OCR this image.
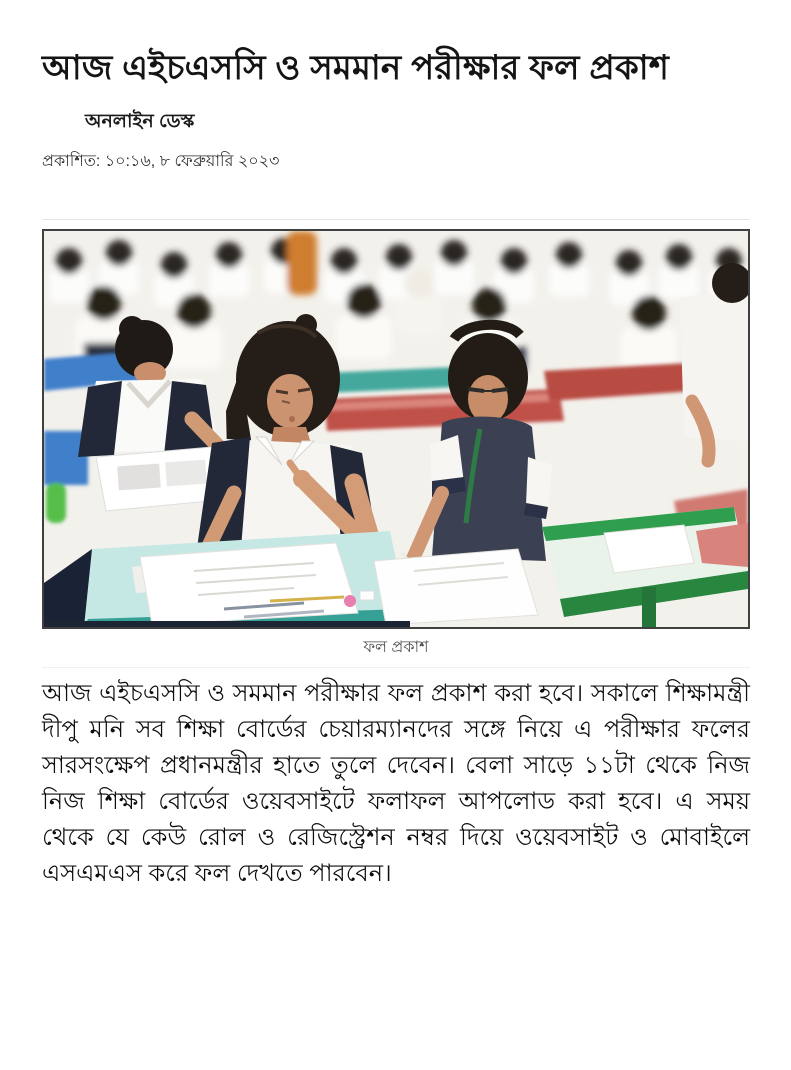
আজ এইচএসসি ও সমমান পরীক্ষার ফল প্রকাশ
অনলাইন ডেস্ক
প্রকাশিত: ১০:১৬, ৮ ফেব্রুয়ারি ২০২৩
ফল প্রকাশ

আজ এইচএসসি ও সমমান পরীক্ষার ফল প্রকাশ করা হবে। সকালে শিক্ষামন্ত্রী দীপু মনি সব শিক্ষা বোর্ডের চেয়ারম্যানদের সঙ্গে নিয়ে এ পরীক্ষার ফলের সারসংক্ষেপ প্রধানমন্ত্রীর হাতে তুলে দেবেন। বেলা সাড়ে ১১টা থেকে নিজ নিজ শিক্ষা বোর্ডের ওয়েবসাইটে ফলাফল আপলোড করা হবে। এ সময় থেকে যে কেউ রোল ও রেজিস্ট্রেশন নম্বর দিয়ে ওয়েবসাইট ও মোবাইলে এসএমএস করে ফল দেখতে পারবেন।
